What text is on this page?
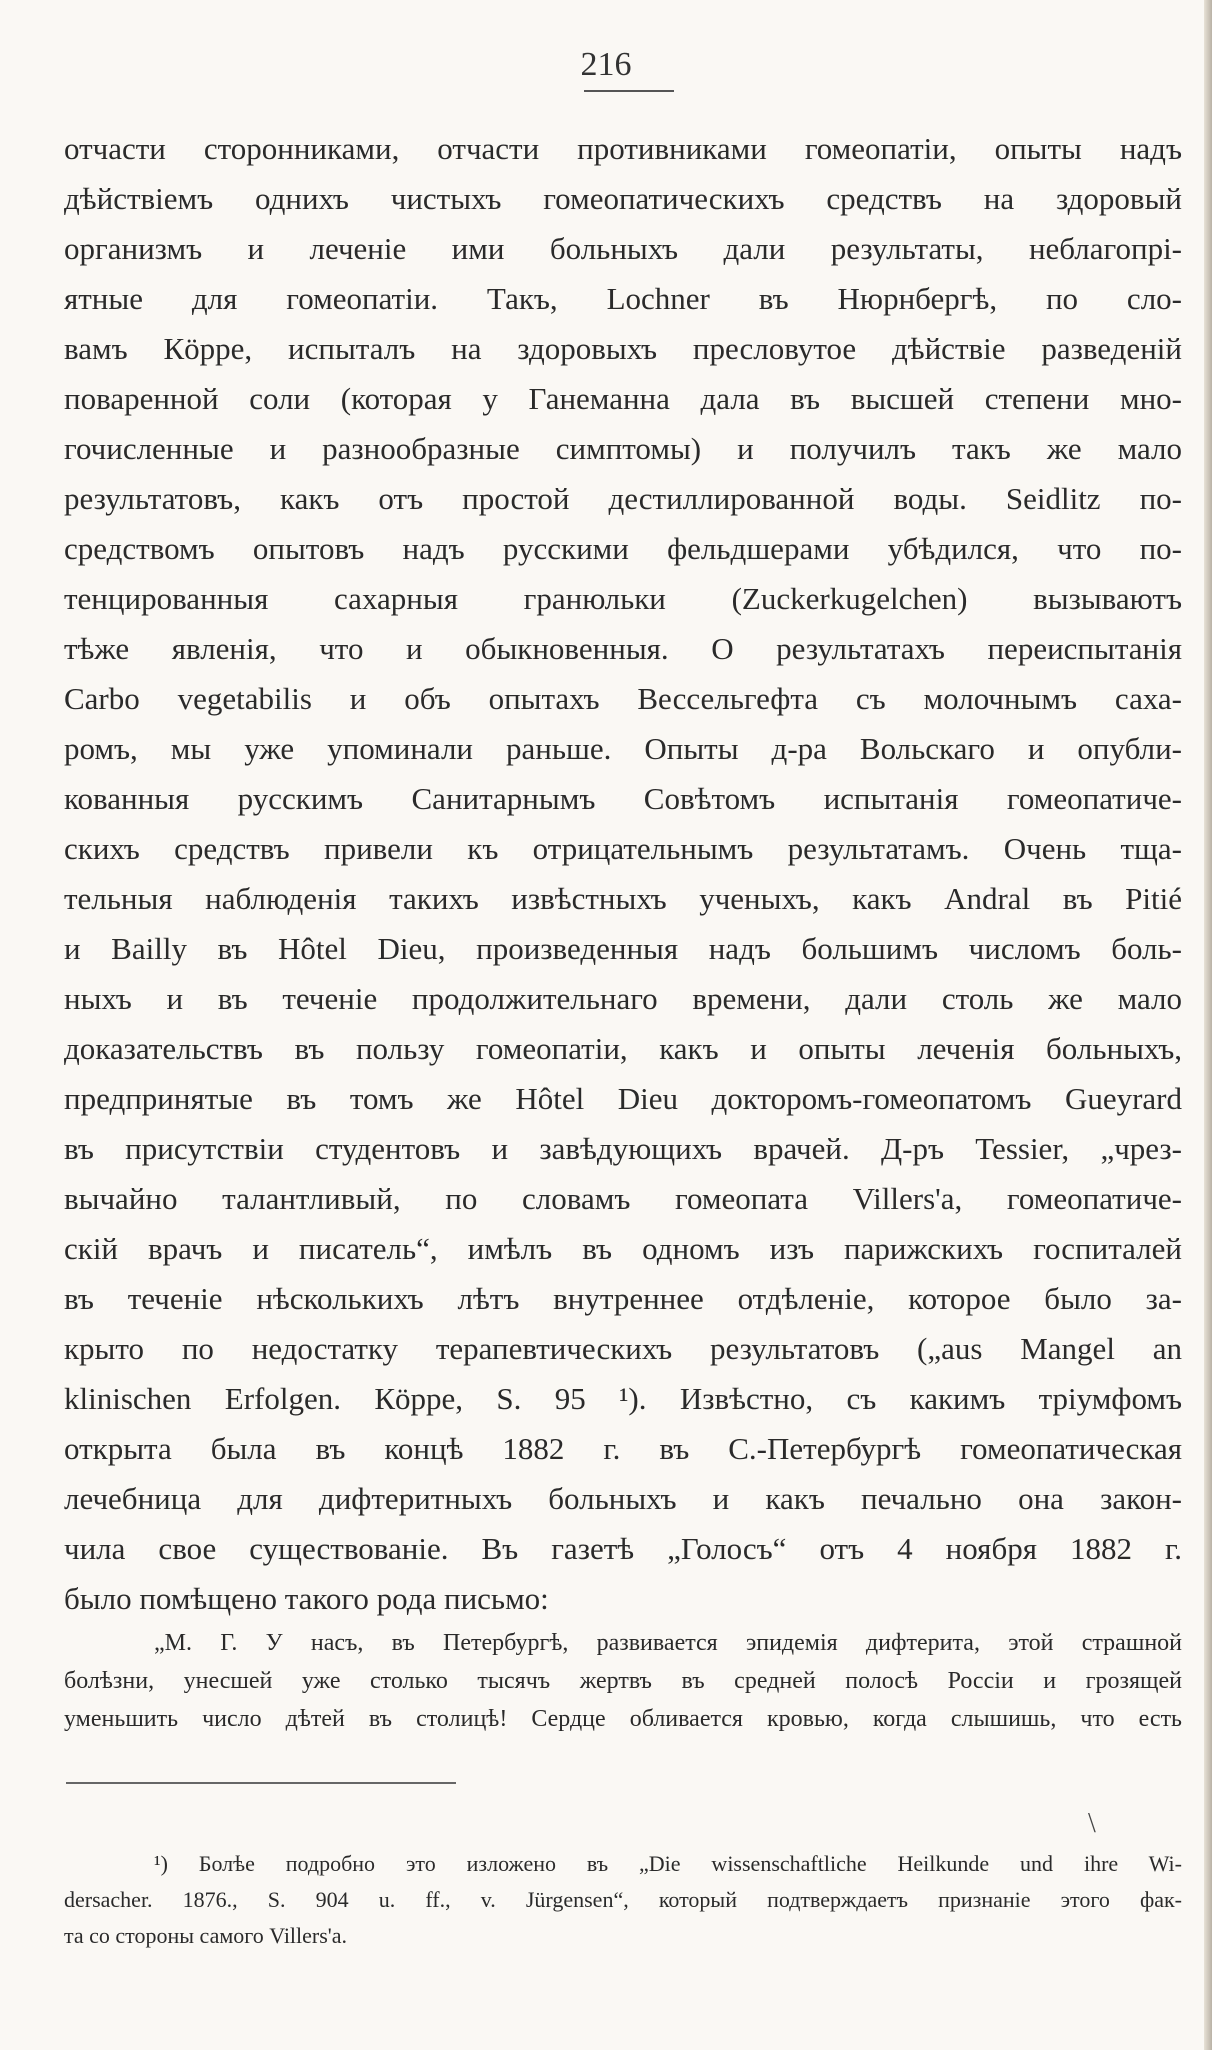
216
отчасти сторонниками, отчасти противниками гомеопатіи, опыты надъ
дѣйствіемъ однихъ чистыхъ гомеопатическихъ средствъ на здоровый
организмъ и леченіе ими больныхъ дали результаты, неблагопрі-
ятные для гомеопатіи. Такъ, Lochner въ Нюрнбергѣ, по сло-
вамъ Кöрре, испыталъ на здоровыхъ пресловутое дѣйствіе разведеній
поваренной соли (которая у Ганеманна дала въ высшей степени мно-
гочисленные и разнообразные симптомы) и получилъ такъ же мало
результатовъ, какъ отъ простой дестиллированной воды. Seidlitz по-
средствомъ опытовъ надъ русскими фельдшерами убѣдился, что по-
тенцированныя сахарныя гранюльки (Zuckerkugelchen) вызываютъ
тѣже явленія, что и обыкновенныя. О результатахъ переиспытанія
Carbo vegetabilis и объ опытахъ Вессельгефта съ молочнымъ саха-
ромъ, мы уже упоминали раньше. Опыты д-ра Вольскаго и опубли-
кованныя русскимъ Санитарнымъ Совѣтомъ испытанія гомеопатиче-
скихъ средствъ привели къ отрицательнымъ результатамъ. Очень тща-
тельныя наблюденія такихъ извѣстныхъ ученыхъ, какъ Andral въ Pitié
и Bailly въ Hôtel Dieu, произведенныя надъ большимъ числомъ боль-
ныхъ и въ теченіе продолжительнаго времени, дали столь же мало
доказательствъ въ пользу гомеопатіи, какъ и опыты леченія больныхъ,
предпринятые въ томъ же Hôtel Dieu докторомъ-гомеопатомъ Gueyrard
въ присутствіи студентовъ и завѣдующихъ врачей. Д-ръ Tessier, „чрез-
вычайно талантливый, по словамъ гомеопата Villers'a, гомеопатиче-
скій врачъ и писатель“, имѣлъ въ одномъ изъ парижскихъ госпиталей
въ теченіе нѣсколькихъ лѣтъ внутреннее отдѣленіе, которое было за-
крыто по недостатку терапевтическихъ результатовъ („aus Mangel an
klinischen Erfolgen. Кöрре, S. 95 ¹). Извѣстно, съ какимъ тріумфомъ
открыта была въ концѣ 1882 г. въ С.-Петербургѣ гомеопатическая
лечебница для дифтеритныхъ больныхъ и какъ печально она закон-
чила свое существованіе. Въ газетѣ „Голосъ“ отъ 4 ноября 1882 г.
было помѣщено такого рода письмо:
„М. Г. У насъ, въ Петербургѣ, развивается эпидемія дифтерита, этой страшной
болѣзни, унесшей уже столько тысячъ жертвъ въ средней полосѣ Россіи и грозящей
уменьшить число дѣтей въ столицѣ! Сердце обливается кровью, когда слышишь, что есть
\
¹) Болѣе подробно это изложено въ „Die wissenschaftliche Heilkunde und ihre Wi-
dersacher. 1876., S. 904 u. ff., v. Jürgensen“, который подтверждаетъ признаніе этого фак-
та со стороны самого Villers'a.
